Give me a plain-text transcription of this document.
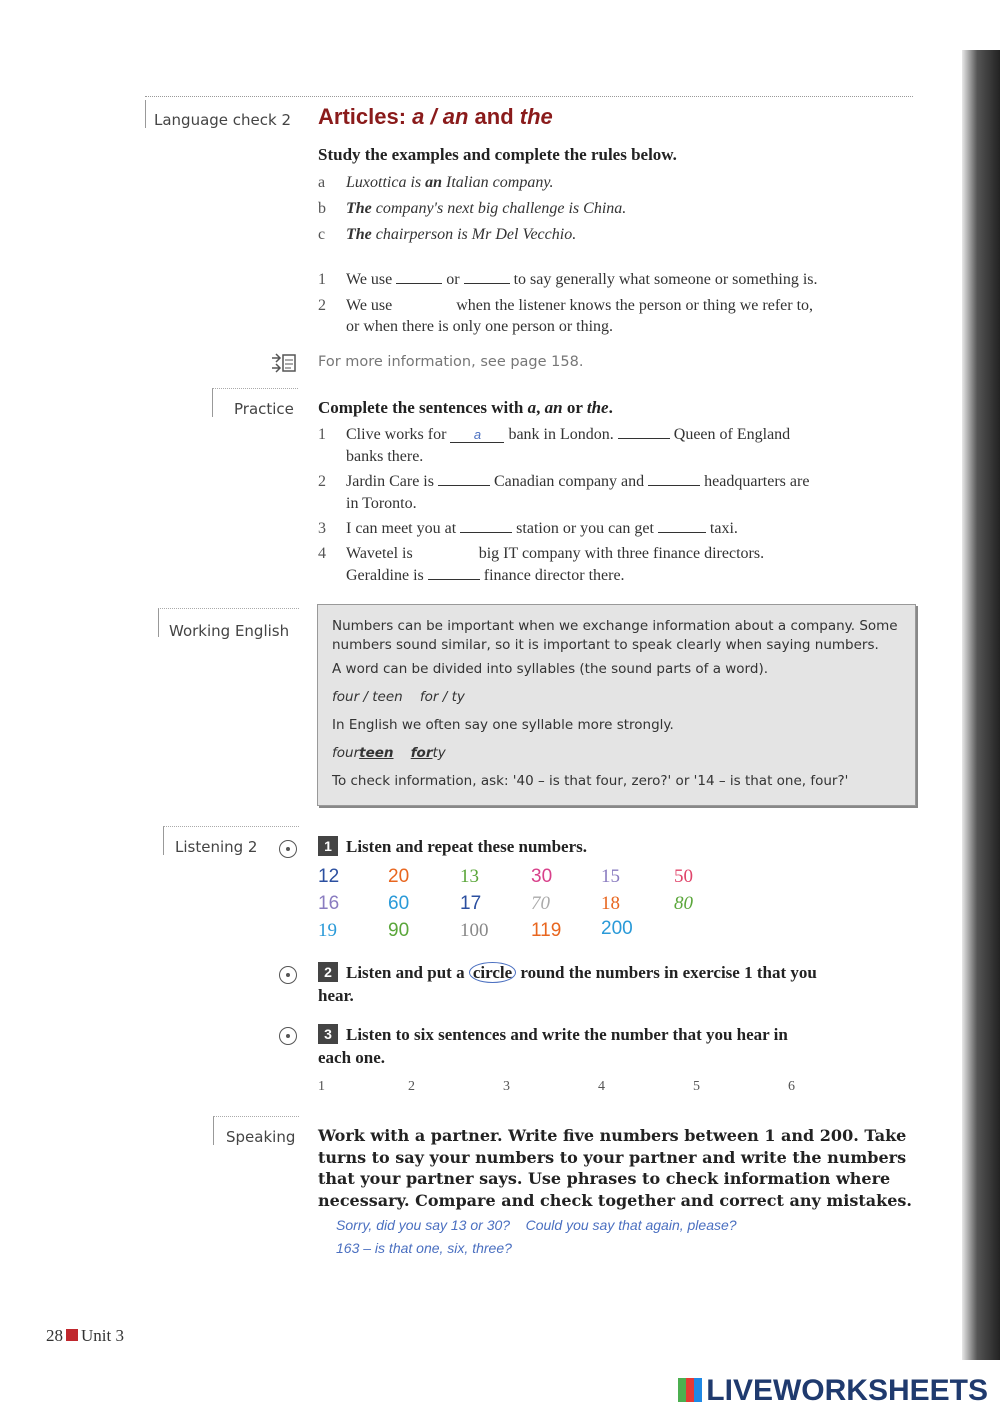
Language check 2 Articles: a / an and the
Study the examples and complete the rules below.
a Luxottica is an Italian company.
b The company's next big challenge is China.
c The chairperson is Mr Del Vecchio.
1 We use	or	to say generally what someone or something is.
2 We use	when the listener knows the person or thing we refer to,
or when there is only one person or thing.
For more information, see page 158.
Practice Complete the sentences with a, an or the.
1 Clive works for a bank in London.	Queen of England
banks there.
2 Jardin Care is	Canadian company and	headquarters are
in Toronto.
3 I can meet you at	station or you can get	taxi.
4 Wavetel is	big IT company with three finance directors.
Geraldine is	finance director there.
Working English	Numbers can be important when we exchange information about a company. Some numbers sound similar, so it is important to speak clearly when saying numbers.

A word can be divided into syllables (the sound parts of a word).

four / teen for / ty

In English we often say one syllable more strongly.

fourteen forty

To check information, ask: '40 – is that four, zero?' or '14 – is that one, four?'

Listening 2	1 Listen and repeat these numbers.
12	20	13	30	15	50
16	60	17	70	18	80
19	90	100 119 200
2 Listen and put a circle round the numbers in exercise 1 that you
hear.
3 Listen to six sentences and write the number that you hear in
each one.
1	2	3	4	5	6
Speaking Work with a partner. Write five numbers between 1 and 200. Take
turns to say your numbers to your partner and write the numbers
that your partner says. Use phrases to check information where
necessary. Compare and check together and correct any mistakes.
Sorry, did you say 13 or 30? Could you say that again, please?
163 – is that one, six, three?
28 Unit 3
LIVEWORKSHEETS
